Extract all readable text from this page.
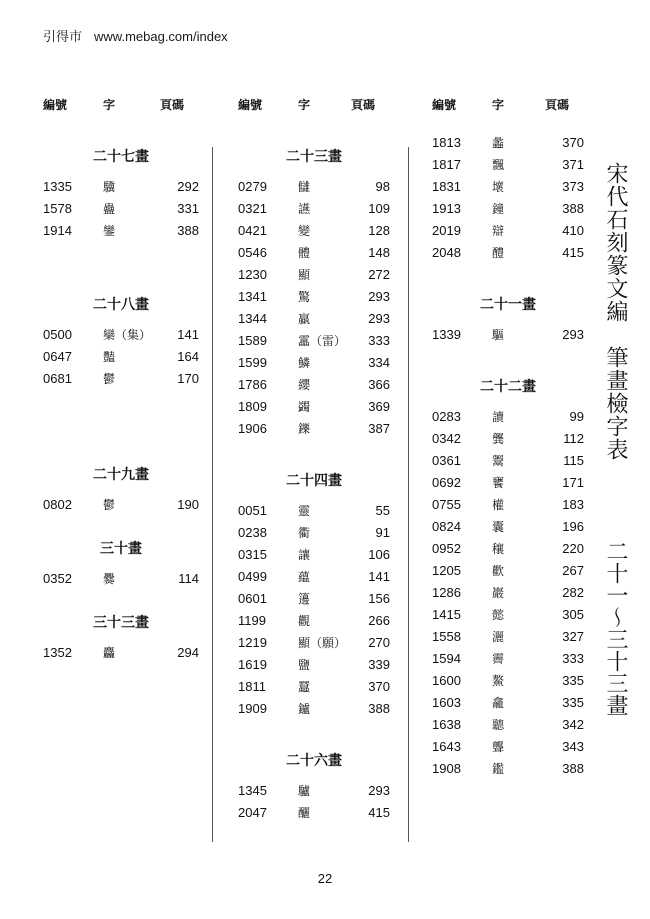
引得市 www.mebag.com/index
編號	字	頁碼
二十七畫
1335	驥	292
1578	蠱	331
1914	鑾	388
二十八畫
0500	欒（集） 141
0647	豔	164
0681	鬱	170
二十九畫
0802	鬱	190
三十畫
0352	爨	114
三十三畫
1352	麤	294
編號	字	頁碼
二十三畫
0279	讎	98
0321	讌	109
0421	變	128
0546	體	148
1230	顯	272
1341	驚	293
1344	贏	293
1589	靁（雷） 333
1599	鱗	334
1786	纓	366
1809	蠲	369
1906	鑠	387
二十四畫
0051	靈	55
0238	衢	91
0315	讓	106
0499	蘊	141
0601	籩	156
1199	觀	266
1219	顯（願） 270
1619	鹽	339
1811	蠶	370
1909	鑪	388
二十六畫
1345	驢	293
2047	釃	415
編號	字	頁碼
1813	蠡	370
1817	飄	371
1831	壞	373
1913	鐘	388
2019	辯	410
2048	醴	415
二十一畫
1339	驅	293
二十二畫
0283	讀	99
0342	龔	112
0361	鬻	115
0692	饔	171
0755	權	183
0824	囊	196
0952	穰	220
1205	歡	267
1286	巖	282
1415	懿	305
1558	灑	327
1594	霽	333
1600	鰲	335
1603	龕	335
1638	聽	342
1643	聾	343
1908	鑑	388
宋代石刻篆文編　筆畫檢字表
二十一～三十三畫
22
